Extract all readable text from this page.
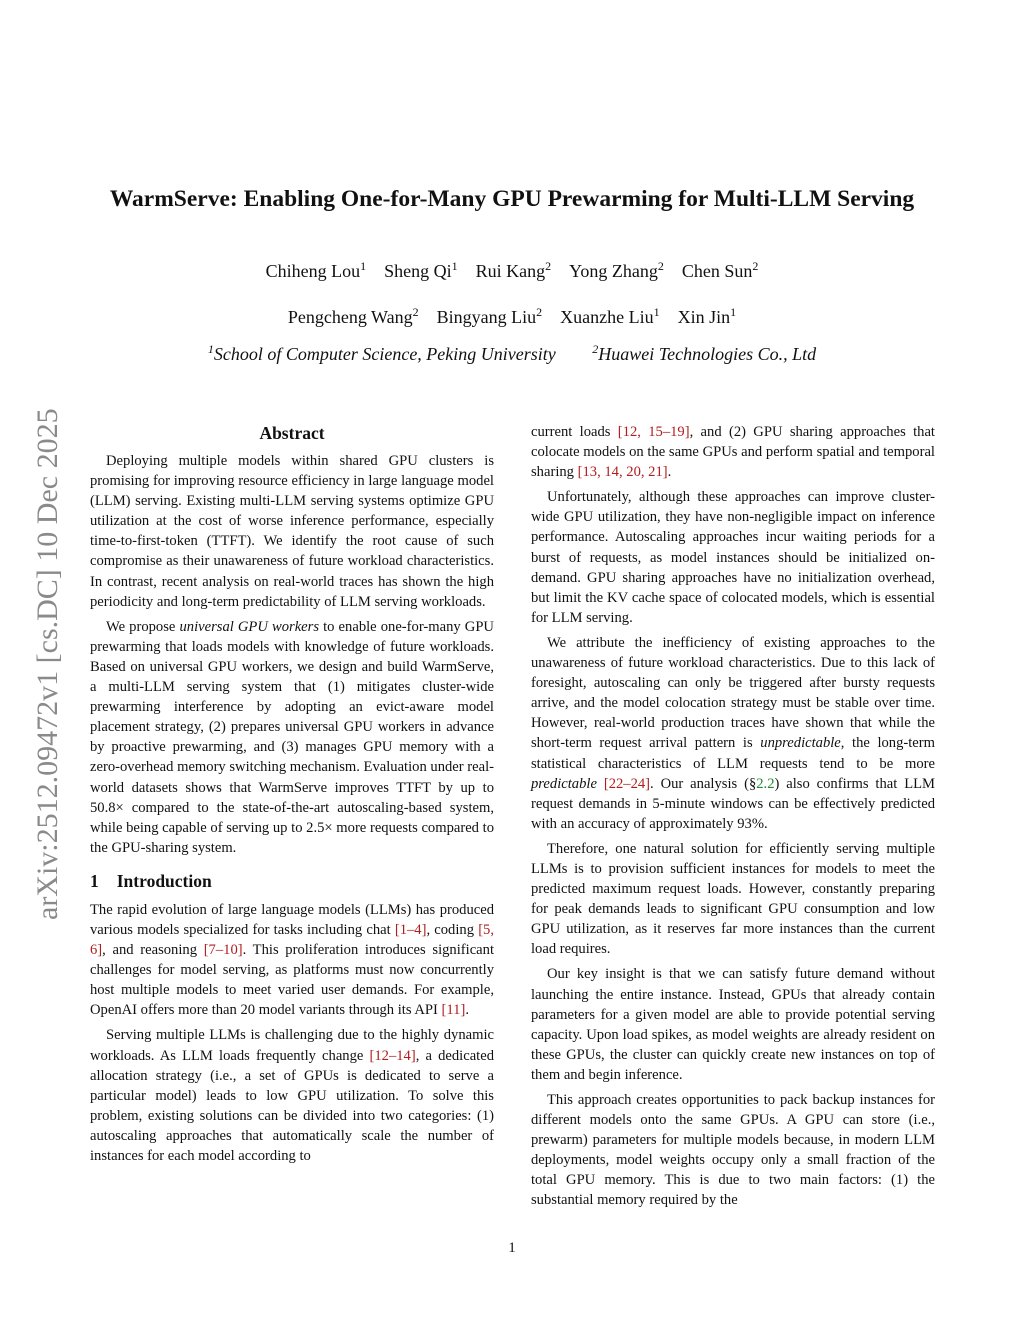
arXiv:2512.09472v1 [cs.DC] 10 Dec 2025
WarmServe: Enabling One-for-Many GPU Prewarming for Multi-LLM Serving
Chiheng Lou$^1$ Sheng Qi$^1$ Rui Kang$^2$ Yong Zhang$^2$ Chen Sun$^2$
Pengcheng Wang$^2$ Bingyang Liu$^2$ Xuanzhe Liu$^1$ Xin Jin$^1$
$^1$School of Computer Science, Peking University	$^2$Huawei Technologies Co., Ltd
Abstract

Deploying multiple models within shared GPU clusters is promising for improving resource efficiency in large language model (LLM) serving. Existing multi-LLM serving systems optimize GPU utilization at the cost of worse inference performance, especially time-to-first-token (TTFT). We identify the root cause of such compromise as their unawareness of future workload characteristics. In contrast, recent analysis on real-world traces has shown the high periodicity and long-term predictability of LLM serving workloads.

We propose universal GPU workers to enable one-for-many GPU prewarming that loads models with knowledge of future workloads. Based on universal GPU workers, we design and build WarmServe, a multi-LLM serving system that (1) mitigates cluster-wide prewarming interference by adopting an evict-aware model placement strategy, (2) prepares universal GPU workers in advance by proactive prewarming, and (3) manages GPU memory with a zero-overhead memory switching mechanism. Evaluation under real-world datasets shows that WarmServe improves TTFT by up to 50.8× compared to the state-of-the-art autoscaling-based system, while being capable of serving up to 2.5× more requests compared to the GPU-sharing system.

1 Introduction

The rapid evolution of large language models (LLMs) has produced various models specialized for tasks including chat [1–4], coding [5, 6], and reasoning [7–10]. This proliferation introduces significant challenges for model serving, as platforms must now concurrently host multiple models to meet varied user demands. For example, OpenAI offers more than 20 model variants through its API [11].

Serving multiple LLMs is challenging due to the highly dynamic workloads. As LLM loads frequently change [12–14], a dedicated allocation strategy (i.e., a set of GPUs is dedicated to serve a particular model) leads to low GPU utilization. To solve this problem, existing solutions can be divided into two categories: (1) autoscaling approaches that automatically scale the number of instances for each model according to

current loads [12, 15–19], and (2) GPU sharing approaches that colocate models on the same GPUs and perform spatial and temporal sharing [13, 14, 20, 21].

Unfortunately, although these approaches can improve cluster-wide GPU utilization, they have non-negligible impact on inference performance. Autoscaling approaches incur waiting periods for a burst of requests, as model instances should be initialized on-demand. GPU sharing approaches have no initialization overhead, but limit the KV cache space of colocated models, which is essential for LLM serving.

We attribute the inefficiency of existing approaches to the unawareness of future workload characteristics. Due to this lack of foresight, autoscaling can only be triggered after bursty requests arrive, and the model colocation strategy must be stable over time. However, real-world production traces have shown that while the short-term request arrival pattern is unpredictable, the long-term statistical characteristics of LLM requests tend to be more predictable [22–24]. Our analysis (§2.2) also confirms that LLM request demands in 5-minute windows can be effectively predicted with an accuracy of approximately 93%.

Therefore, one natural solution for efficiently serving multiple LLMs is to provision sufficient instances for models to meet the predicted maximum request loads. However, constantly preparing for peak demands leads to significant GPU consumption and low GPU utilization, as it reserves far more instances than the current load requires.

Our key insight is that we can satisfy future demand without launching the entire instance. Instead, GPUs that already contain parameters for a given model are able to provide potential serving capacity. Upon load spikes, as model weights are already resident on these GPUs, the cluster can quickly create new instances on top of them and begin inference.

This approach creates opportunities to pack backup instances for different models onto the same GPUs. A GPU can store (i.e., prewarm) parameters for multiple models because, in modern LLM deployments, model weights occupy only a small fraction of the total GPU memory. This is due to two main factors: (1) the substantial memory required by the

1
